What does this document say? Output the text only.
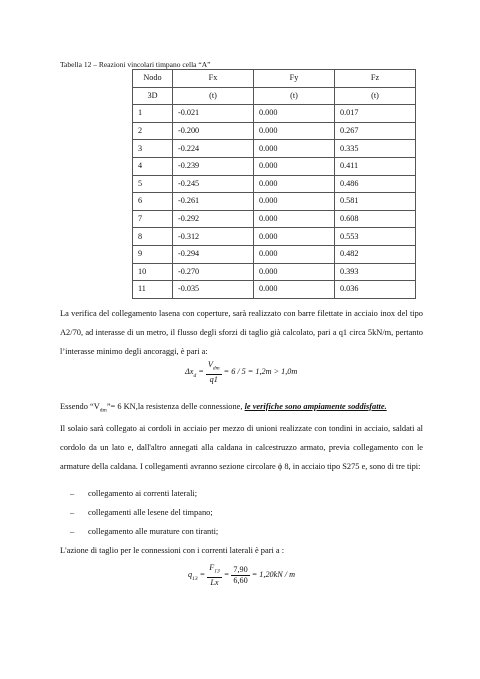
Tabella 12 – Reazioni vincolari timpano cella “A”
Nodo	Fx	Fy	Fz
3D	(t)	(t)	(t)
1	-0.021	0.000	0.017
2	-0.200	0.000	0.267
3	-0.224	0.000	0.335
4	-0.239	0.000	0.411
5	-0.245	0.000	0.486
6	-0.261	0.000	0.581
7	-0.292	0.000	0.608
8	-0.312	0.000	0.553
9	-0.294	0.000	0.482
10	-0.270	0.000	0.393
11	-0.035	0.000	0.036
La verifica del collegamento lasena con coperture, sarà realizzato con barre filettate in acciaio inox del tipo A2/70, ad interasse di un metro, il flusso degli sforzi di taglio già calcolato, pari a q1 circa 5kN/m, pertanto l’interasse minimo degli ancoraggi, è pari a:
$\Delta x_d = \frac{V_{dm}}{q1} = 6 / 5 = 1,2m > 1,0m$
Essendo “$V_{dm}”= 6$ KN,la resistenza delle connessione, le verifiche sono ampiamente soddisfatte.
Il solaio sarà collegato ai cordoli in acciaio per mezzo di unioni realizzate con tondini in acciaio, saldati al cordolo da un lato e, dall'altro annegati alla caldana in calcestruzzo armato, previa collegamento con le armature della caldana. I collegamenti avranno sezione circolare ϕ 8, in acciaio tipo S275 e, sono di tre tipi:
– collegamento ai correnti laterali;
– collegamenti alle lesene del timpano;
– collegamento alle murature con tiranti;
L'azione di taglio per le connessioni con i correnti laterali è pari a :
$q_{13} = \frac{F_{13}}{Lx} = \frac{7,90}{6,60} = 1,20kN / m$
